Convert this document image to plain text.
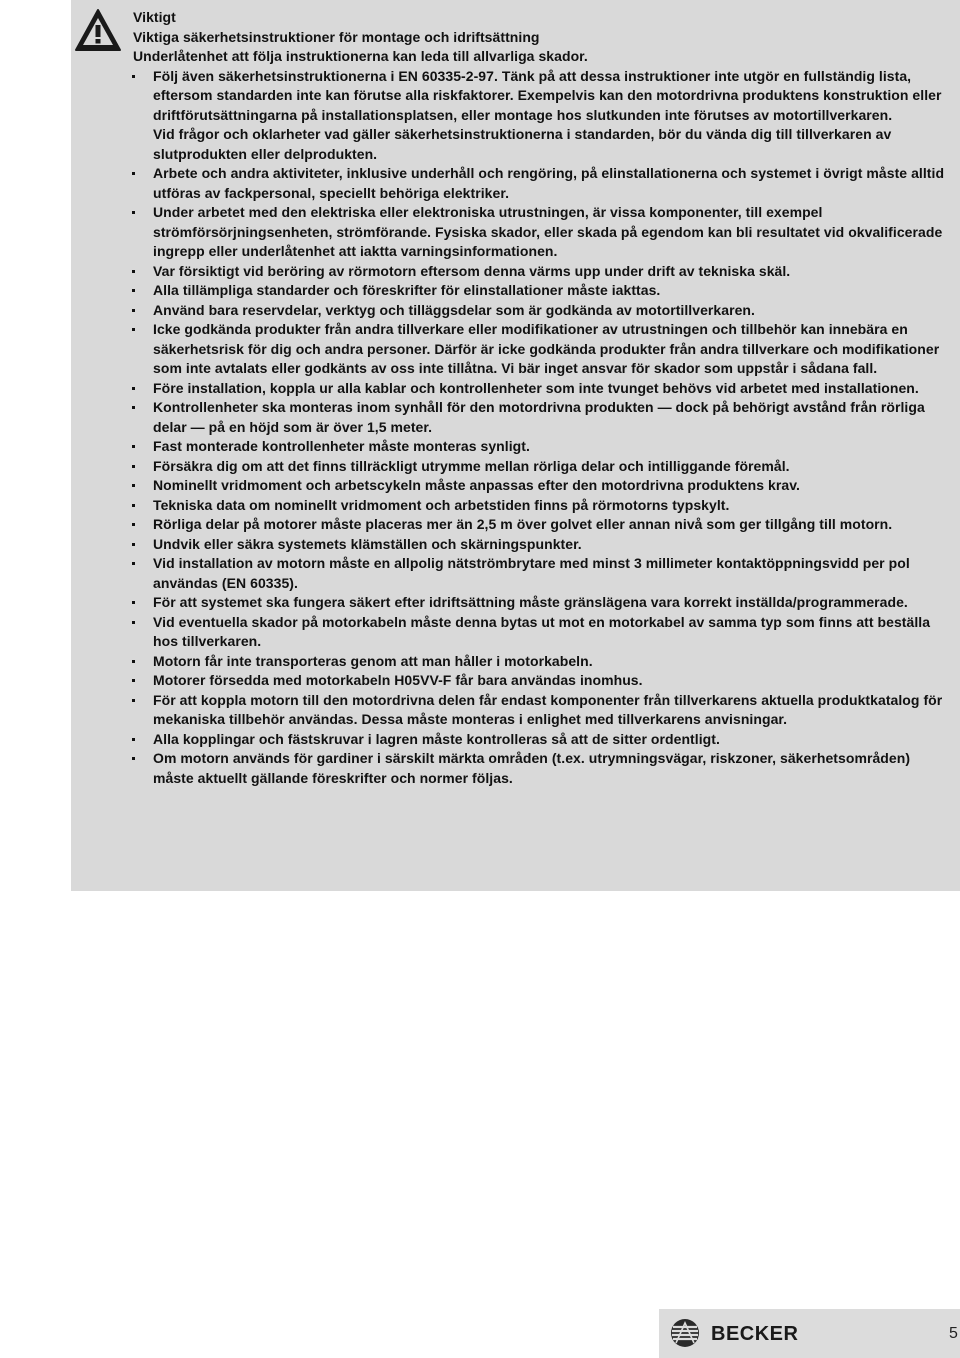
Viktigt
Viktiga säkerhetsinstruktioner för montage och idriftsättning
Underlåtenhet att följa instruktionerna kan leda till allvarliga skador.
Följ även säkerhetsinstruktionerna i EN 60335-2-97. Tänk på att dessa instruktioner inte utgör en fullständig lista, eftersom standarden inte kan förutse alla riskfaktorer. Exempelvis kan den motordrivna produktens konstruktion eller driftförutsättningarna på installationsplatsen, eller montage hos slutkunden inte förutses av motortillverkaren.
Vid frågor och oklarheter vad gäller säkerhetsinstruktionerna i standarden, bör du vända dig till tillverkaren av slutprodukten eller delprodukten.
Arbete och andra aktiviteter, inklusive underhåll och rengöring, på elinstallationerna och systemet i övrigt måste alltid utföras av fackpersonal, speciellt behöriga elektriker.
Under arbetet med den elektriska eller elektroniska utrustningen, är vissa komponenter, till exempel strömförsörjningsenheten, strömförande. Fysiska skador, eller skada på egendom kan bli resultatet vid okvalificerade ingrepp eller underlåtenhet att iaktta varningsinformationen.
Var försiktigt vid beröring av rörmotorn eftersom denna värms upp under drift av tekniska skäl.
Alla tillämpliga standarder och föreskrifter för elinstallationer måste iakttas.
Använd bara reservdelar, verktyg och tilläggsdelar som är godkända av motortillverkaren.
Icke godkända produkter från andra tillverkare eller modifikationer av utrustningen och tillbehör kan innebära en säkerhetsrisk för dig och andra personer. Därför är icke godkända produkter från andra tillverkare och modifikationer som inte avtalats eller godkänts av oss inte tillåtna. Vi bär inget ansvar för skador som uppstår i sådana fall.
Före installation, koppla ur alla kablar och kontrollenheter som inte tvunget behövs vid arbetet med installationen.
Kontrollenheter ska monteras inom synhåll för den motordrivna produkten — dock på behörigt avstånd från rörliga delar — på en höjd som är över 1,5 meter.
Fast monterade kontrollenheter måste monteras synligt.
Försäkra dig om att det finns tillräckligt utrymme mellan rörliga delar och intilliggande föremål.
Nominellt vridmoment och arbetscykeln måste anpassas efter den motordrivna produktens krav.
Tekniska data om nominellt vridmoment och arbetstiden finns på rörmotorns typskylt.
Rörliga delar på motorer måste placeras mer än 2,5 m över golvet eller annan nivå som ger tillgång till motorn.
Undvik eller säkra systemets klämställen och skärningspunkter.
Vid installation av motorn måste en allpolig nätströmbrytare med minst 3 millimeter kontaktöppningsvidd per pol användas (EN 60335).
För att systemet ska fungera säkert efter idriftsättning måste gränslägena vara korrekt inställda/programmerade.
Vid eventuella skador på motorkabeln måste denna bytas ut mot en motorkabel av samma typ som finns att beställa hos tillverkaren.
Motorn får inte transporteras genom att man håller i motorkabeln.
Motorer försedda med motorkabeln H05VV-F får bara användas inomhus.
För att koppla motorn till den motordrivna delen får endast komponenter från tillverkarens aktuella produktkatalog för mekaniska tillbehör användas. Dessa måste monteras i enlighet med tillverkarens anvisningar.
Alla kopplingar och fästskruvar i lagren måste kontrolleras så att de sitter ordentligt.
Om motorn används för gardiner i särskilt märkta områden (t.ex. utrymningsvägar, riskzoner, säkerhetsområden) måste aktuellt gällande föreskrifter och normer följas.
BECKER	5
